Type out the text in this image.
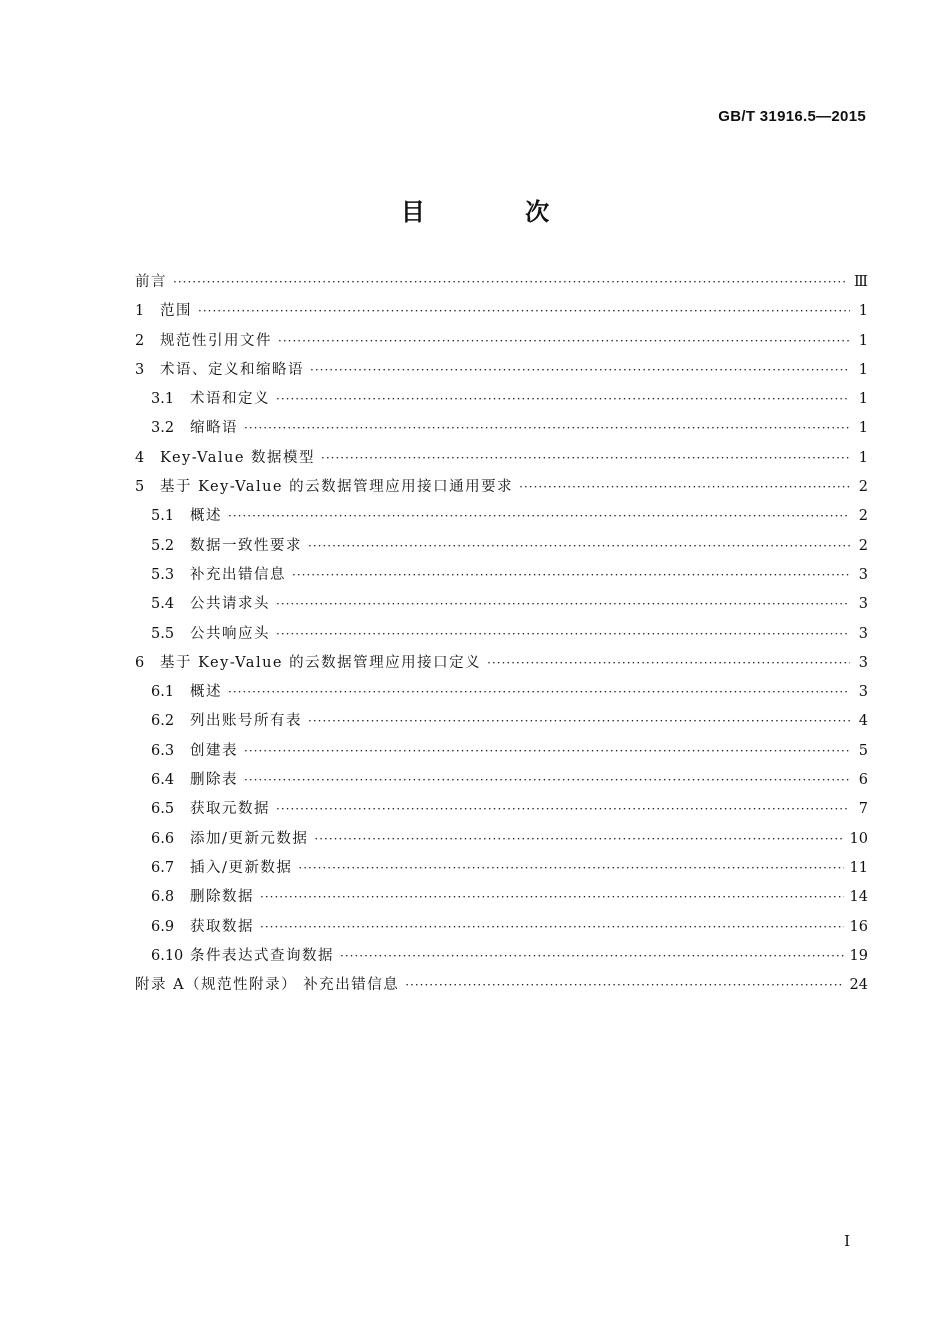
GB/T 31916.5—2015
目 次
前言 ·····	Ⅲ
1	范围 ·····	1
2	规范性引用文件 ·····	1
3	术语、定义和缩略语 ·····	1
3.1	术语和定义 ·····	1
3.2	缩略语 ·····	1
4	Key-Value 数据模型 ·····	1
5	基于 Key-Value 的云数据管理应用接口通用要求 ·····	2
5.1	概述 ·····	2
5.2	数据一致性要求 ·····	2
5.3	补充出错信息 ·····	3
5.4	公共请求头 ·····	3
5.5	公共响应头 ·····	3
6	基于 Key-Value 的云数据管理应用接口定义 ·····	3
6.1	概述 ·····	3
6.2	列出账号所有表 ·····	4
6.3	创建表 ·····	5
6.4	删除表 ·····	6
6.5	获取元数据 ·····	7
6.6	添加/更新元数据 ·····	10
6.7	插入/更新数据 ·····	11
6.8	删除数据 ·····	14
6.9	获取数据 ·····	16
6.10 条件表达式查询数据 ·····	19
附录 A（规范性附录） 补充出错信息 ·····	24
I
